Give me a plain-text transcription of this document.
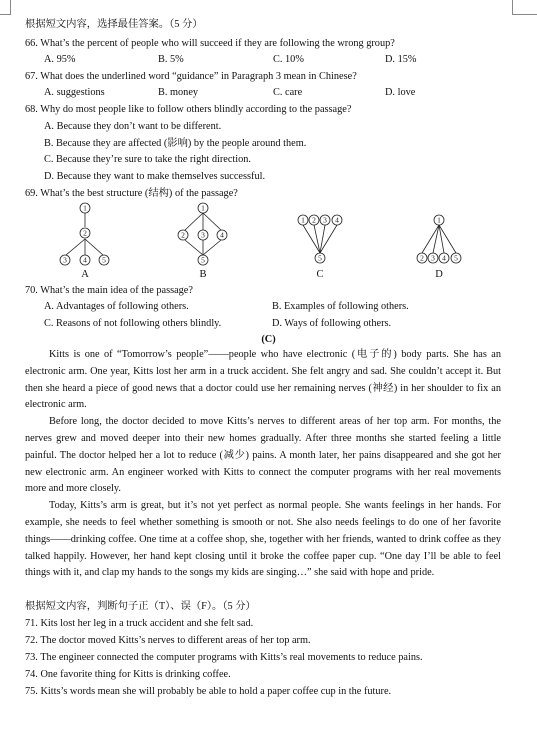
根据短文内容，选择最佳答案。（5 分）
66. What’s the percent of people who will succeed if they are following the wrong group?
A. 95%	B. 5%	C. 10%	D. 15%
67. What does the underlined word “guidance” in Paragraph 3 mean in Chinese?
A. suggestions	B. money	C. care	D. love
68. Why do most people like to follow others blindly according to the passage?
A. Because they don’t want to be different.
B. Because they are affected (影响) by the people around them.
C. Because they’re sure to take the right direction.
D. Because they want to make themselves successful.
69. What’s the best structure (结构) of the passage?
1
2
3 4 5
A
1
2 3 4
5
B
1 2 3 4
5
C
1
2 3 4 5
D
70. What’s the main idea of the passage?
A. Advantages of following others.	B. Examples of following others.
C. Reasons of not following others blindly.	D. Ways of following others.
(C)

Kitts is one of “Tomorrow’s people”——people who have electronic (电子的) body parts. She has an electronic arm. One year, Kitts lost her arm in a truck accident. She felt angry and sad. She couldn’t accept it. But then she heard a piece of good news that a doctor could use her remaining nerves (神经) in her shoulder to fix an electronic arm.

Before long, the doctor decided to move Kitts’s nerves to different areas of her top arm. For months, the nerves grew and moved deeper into their new homes gradually. After three months she started feeling a little painful. The doctor helped her a lot to reduce (减少) pains. A month later, her pains disappeared and she got her new electronic arm. An engineer worked with Kitts to connect the computer programs with her real movements more and more closely.

Today, Kitts’s arm is great, but it’s not yet perfect as normal people. She wants feelings in her hands. For example, she needs to feel whether something is smooth or not. She also needs feelings to do one of her favorite things——drinking coffee. One time at a coffee shop, she, together with her friends, wanted to drink coffee as they talked happily. However, her hand kept closing until it broke the coffee paper cup. “One day I’ll be able to feel things with it, and clap my hands to the songs my kids are singing…” she said with hope and pride.

根据短文内容，判断句子正（T）、误（F）。（5 分）
71. Kits lost her leg in a truck accident and she felt sad.
72. The doctor moved Kitts’s nerves to different areas of her top arm.
73. The engineer connected the computer programs with Kitts’s real movements to reduce pains.
74. One favorite thing for Kitts is drinking coffee.
75. Kitts’s words mean she will probably be able to hold a paper coffee cup in the future.
